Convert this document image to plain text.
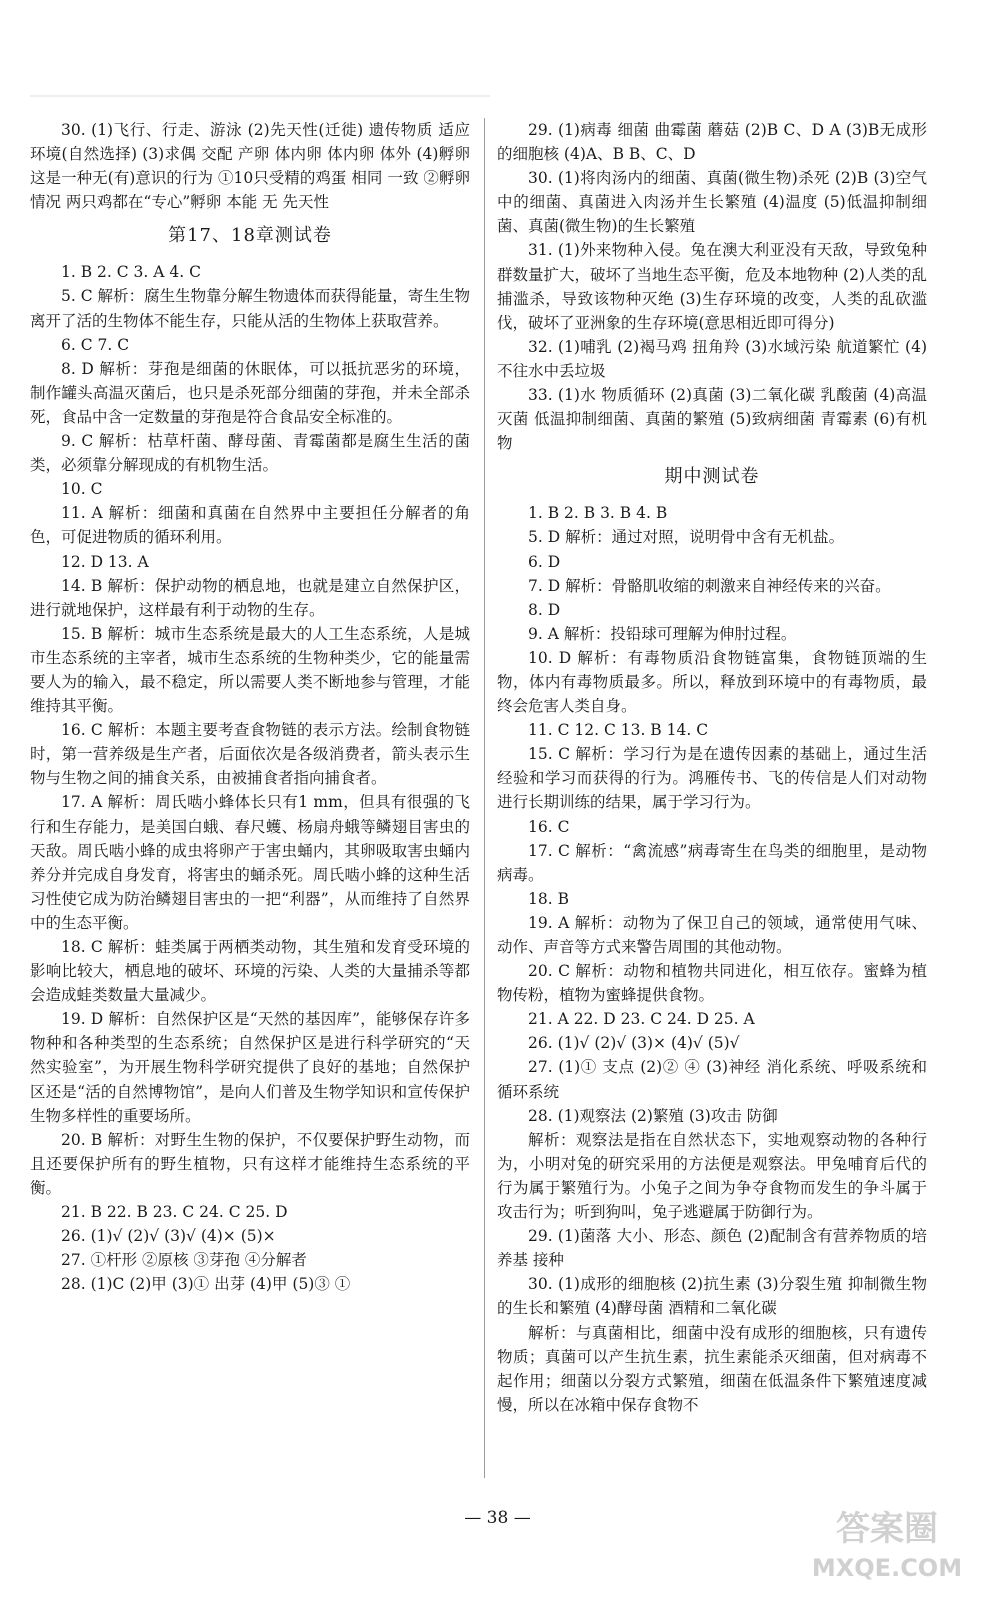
30. (1)飞行、行走、游泳 (2)先天性(迁徙) 遗传物质 适应环境(自然选择) (3)求偶 交配 产卵 体内卵 体内卵 体外 (4)孵卵 这是一种无(有)意识的行为 ①10只受精的鸡蛋 相同 一致 ②孵卵情况 两只鸡都在“专心”孵卵 本能 无 先天性

第17、18章测试卷

1. B 2. C 3. A 4. C

5. C 解析：腐生生物靠分解生物遗体而获得能量，寄生生物离开了活的生物体不能生存，只能从活的生物体上获取营养。

6. C 7. C

8. D 解析：芽孢是细菌的休眠体，可以抵抗恶劣的环境，制作罐头高温灭菌后，也只是杀死部分细菌的芽孢，并未全部杀死，食品中含一定数量的芽孢是符合食品安全标准的。

9. C 解析：枯草杆菌、酵母菌、青霉菌都是腐生生活的菌类，必须靠分解现成的有机物生活。

10. C

11. A 解析：细菌和真菌在自然界中主要担任分解者的角色，可促进物质的循环利用。

12. D 13. A

14. B 解析：保护动物的栖息地，也就是建立自然保护区，进行就地保护，这样最有利于动物的生存。

15. B 解析：城市生态系统是最大的人工生态系统，人是城市生态系统的主宰者，城市生态系统的生物种类少，它的能量需要人为的输入，最不稳定，所以需要人类不断地参与管理，才能维持其平衡。

16. C 解析：本题主要考查食物链的表示方法。绘制食物链时，第一营养级是生产者，后面依次是各级消费者，箭头表示生物与生物之间的捕食关系，由被捕食者指向捕食者。

17. A 解析：周氏啮小蜂体长只有1 mm，但具有很强的飞行和生存能力，是美国白蛾、春尺蠖、杨扇舟蛾等鳞翅目害虫的天敌。周氏啮小蜂的成虫将卵产于害虫蛹内，其卵吸取害虫蛹内养分并完成自身发育，将害虫的蛹杀死。周氏啮小蜂的这种生活习性使它成为防治鳞翅目害虫的一把“利器”，从而维持了自然界中的生态平衡。

18. C 解析：蛙类属于两栖类动物，其生殖和发育受环境的影响比较大，栖息地的破坏、环境的污染、人类的大量捕杀等都会造成蛙类数量大量减少。

19. D 解析：自然保护区是“天然的基因库”，能够保存许多物种和各种类型的生态系统；自然保护区是进行科学研究的“天然实验室”，为开展生物科学研究提供了良好的基地；自然保护区还是“活的自然博物馆”，是向人们普及生物学知识和宣传保护生物多样性的重要场所。

20. B 解析：对野生生物的保护，不仅要保护野生动物，而且还要保护所有的野生植物，只有这样才能维持生态系统的平衡。

21. B 22. B 23. C 24. C 25. D

26. (1)√ (2)√ (3)√ (4)× (5)×

27. ①杆形 ②原核 ③芽孢 ④分解者

28. (1)C (2)甲 (3)① 出芽 (4)甲 (5)③ ①

29. (1)病毒 细菌 曲霉菌 蘑菇 (2)B C、D A (3)B无成形的细胞核 (4)A、B B、C、D

30. (1)将肉汤内的细菌、真菌(微生物)杀死 (2)B (3)空气中的细菌、真菌进入肉汤并生长繁殖 (4)温度 (5)低温抑制细菌、真菌(微生物)的生长繁殖

31. (1)外来物种入侵。兔在澳大利亚没有天敌，导致兔种群数量扩大，破坏了当地生态平衡，危及本地物种 (2)人类的乱捕滥杀，导致该物种灭绝 (3)生存环境的改变，人类的乱砍滥伐，破坏了亚洲象的生存环境(意思相近即可得分)

32. (1)哺乳 (2)褐马鸡 扭角羚 (3)水域污染 航道繁忙 (4)不往水中丢垃圾

33. (1)水 物质循环 (2)真菌 (3)二氧化碳 乳酸菌 (4)高温灭菌 低温抑制细菌、真菌的繁殖 (5)致病细菌 青霉素 (6)有机物

期中测试卷

1. B 2. B 3. B 4. B

5. D 解析：通过对照，说明骨中含有无机盐。

6. D

7. D 解析：骨骼肌收缩的刺激来自神经传来的兴奋。

8. D

9. A 解析：投铅球可理解为伸肘过程。

10. D 解析：有毒物质沿食物链富集，食物链顶端的生物，体内有毒物质最多。所以，释放到环境中的有毒物质，最终会危害人类自身。

11. C 12. C 13. B 14. C

15. C 解析：学习行为是在遗传因素的基础上，通过生活经验和学习而获得的行为。鸿雁传书、飞的传信是人们对动物进行长期训练的结果，属于学习行为。

16. C

17. C 解析：“禽流感”病毒寄生在鸟类的细胞里，是动物病毒。

18. B

19. A 解析：动物为了保卫自己的领域，通常使用气味、动作、声音等方式来警告周围的其他动物。

20. C 解析：动物和植物共同进化，相互依存。蜜蜂为植物传粉，植物为蜜蜂提供食物。

21. A 22. D 23. C 24. D 25. A

26. (1)√ (2)√ (3)× (4)√ (5)√

27. (1)① 支点 (2)② ④ (3)神经 消化系统、呼吸系统和循环系统

28. (1)观察法 (2)繁殖 (3)攻击 防御

解析：观察法是指在自然状态下，实地观察动物的各种行为，小明对兔的研究采用的方法便是观察法。甲兔哺育后代的行为属于繁殖行为。小兔子之间为争夺食物而发生的争斗属于攻击行为；听到狗叫，兔子逃避属于防御行为。

29. (1)菌落 大小、形态、颜色 (2)配制含有营养物质的培养基 接种

30. (1)成形的细胞核 (2)抗生素 (3)分裂生殖 抑制微生物的生长和繁殖 (4)酵母菌 酒精和二氧化碳

解析：与真菌相比，细菌中没有成形的细胞核，只有遗传物质；真菌可以产生抗生素，抗生素能杀灭细菌，但对病毒不起作用；细菌以分裂方式繁殖，细菌在低温条件下繁殖速度减慢，所以在冰箱中保存食物不

— 38 —	答案圈
MXQE.COM
